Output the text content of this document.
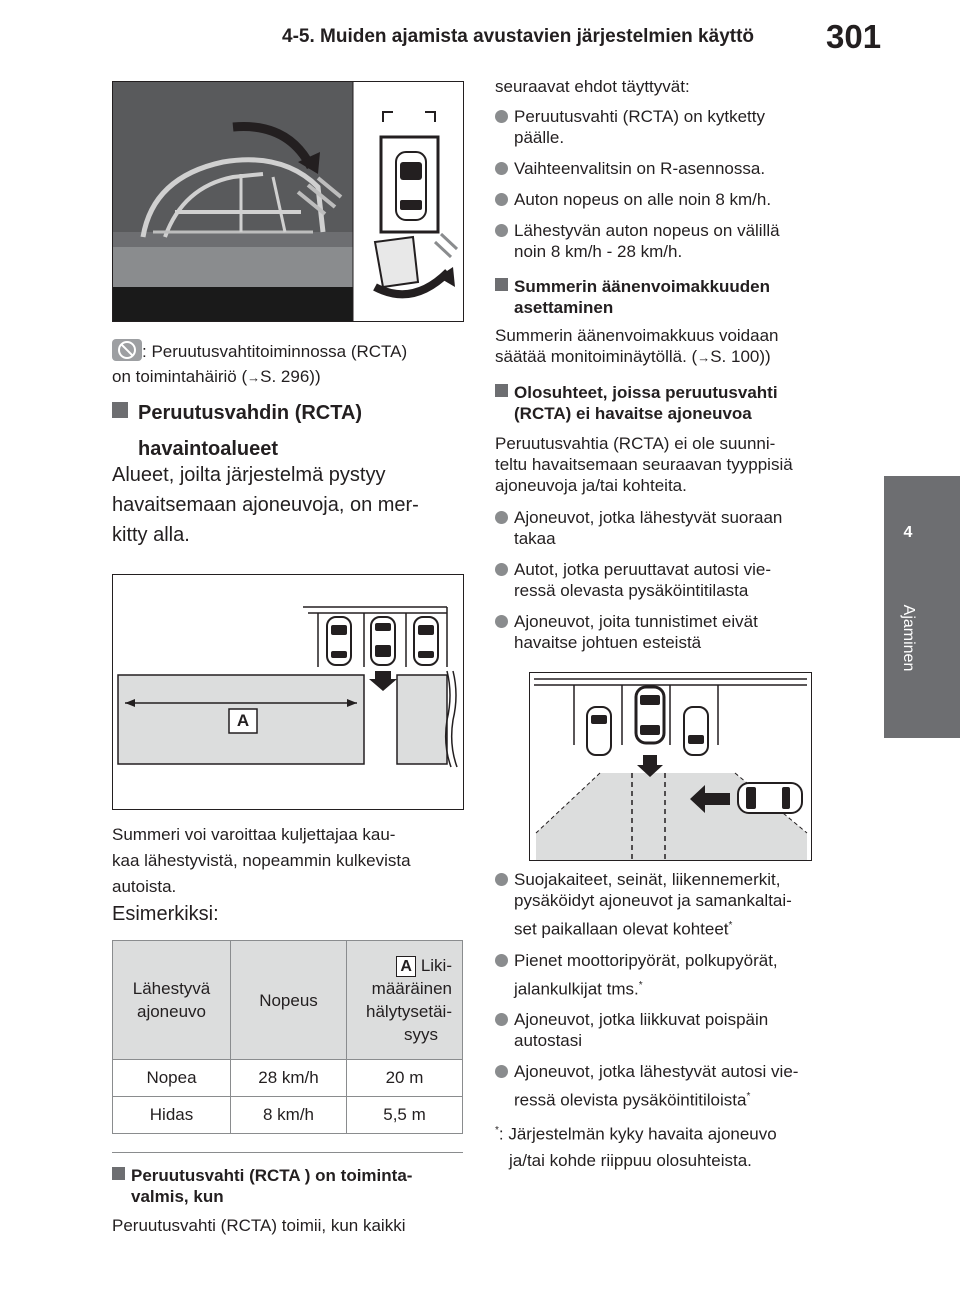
4-5. Muiden ajamista avustavien järjestelmien käyttö 301
4
Ajaminen
: Peruutusvahtitoiminnossa (RCTA)
on toimintahäiriö (→S. 296))
Peruutusvahdin (RCTA)
havaintoalueet
Alueet, joilta järjestelmä pystyy
havaitsemaan ajoneuvoja, on mer-
kitty alla.
A
Summeri voi varoittaa kuljettajaa kau-
kaa lähestyvistä, nopeammin kulkevista
autoista.
Esimerkiksi:
Lähestyvä
ajoneuvo	Nopeus	A Liki-
määräinen
hälytysetäi-
syys
Nopea	28 km/h	20 m
Hidas	8 km/h	5,5 m
Peruutusvahti (RCTA ) on toiminta-
valmis, kun
Peruutusvahti (RCTA) toimii, kun kaikki
seuraavat ehdot täyttyvät:
Peruutusvahti (RCTA) on kytketty
päälle.
Vaihteenvalitsin on R-asennossa.
Auton nopeus on alle noin 8 km/h.
Lähestyvän auton nopeus on välillä
noin 8 km/h - 28 km/h.
Summerin äänenvoimakkuuden
asettaminen
Summerin äänenvoimakkuus voidaan
säätää monitoiminäytöllä. (→S. 100))
Olosuhteet, joissa peruutusvahti
(RCTA) ei havaitse ajoneuvoa
Peruutusvahtia (RCTA) ei ole suunni-
teltu havaitsemaan seuraavan tyyppisiä
ajoneuvoja ja/tai kohteita.
Ajoneuvot, jotka lähestyvät suoraan
takaa
Autot, jotka peruuttavat autosi vie-
ressä olevasta pysäköintitilasta
Ajoneuvot, joita tunnistimet eivät
havaitse johtuen esteistä
Suojakaiteet, seinät, liikennemerkit,
pysäköidyt ajoneuvot ja samankaltai-
set paikallaan olevat kohteet*
Pienet moottoripyörät, polkupyörät,
jalankulkijat tms.*
Ajoneuvot, jotka liikkuvat poispäin
autostasi
Ajoneuvot, jotka lähestyvät autosi vie-
ressä olevista pysäköintitiloista*
*: Järjestelmän kyky havaita ajoneuvo
ja/tai kohde riippuu olosuhteista.
